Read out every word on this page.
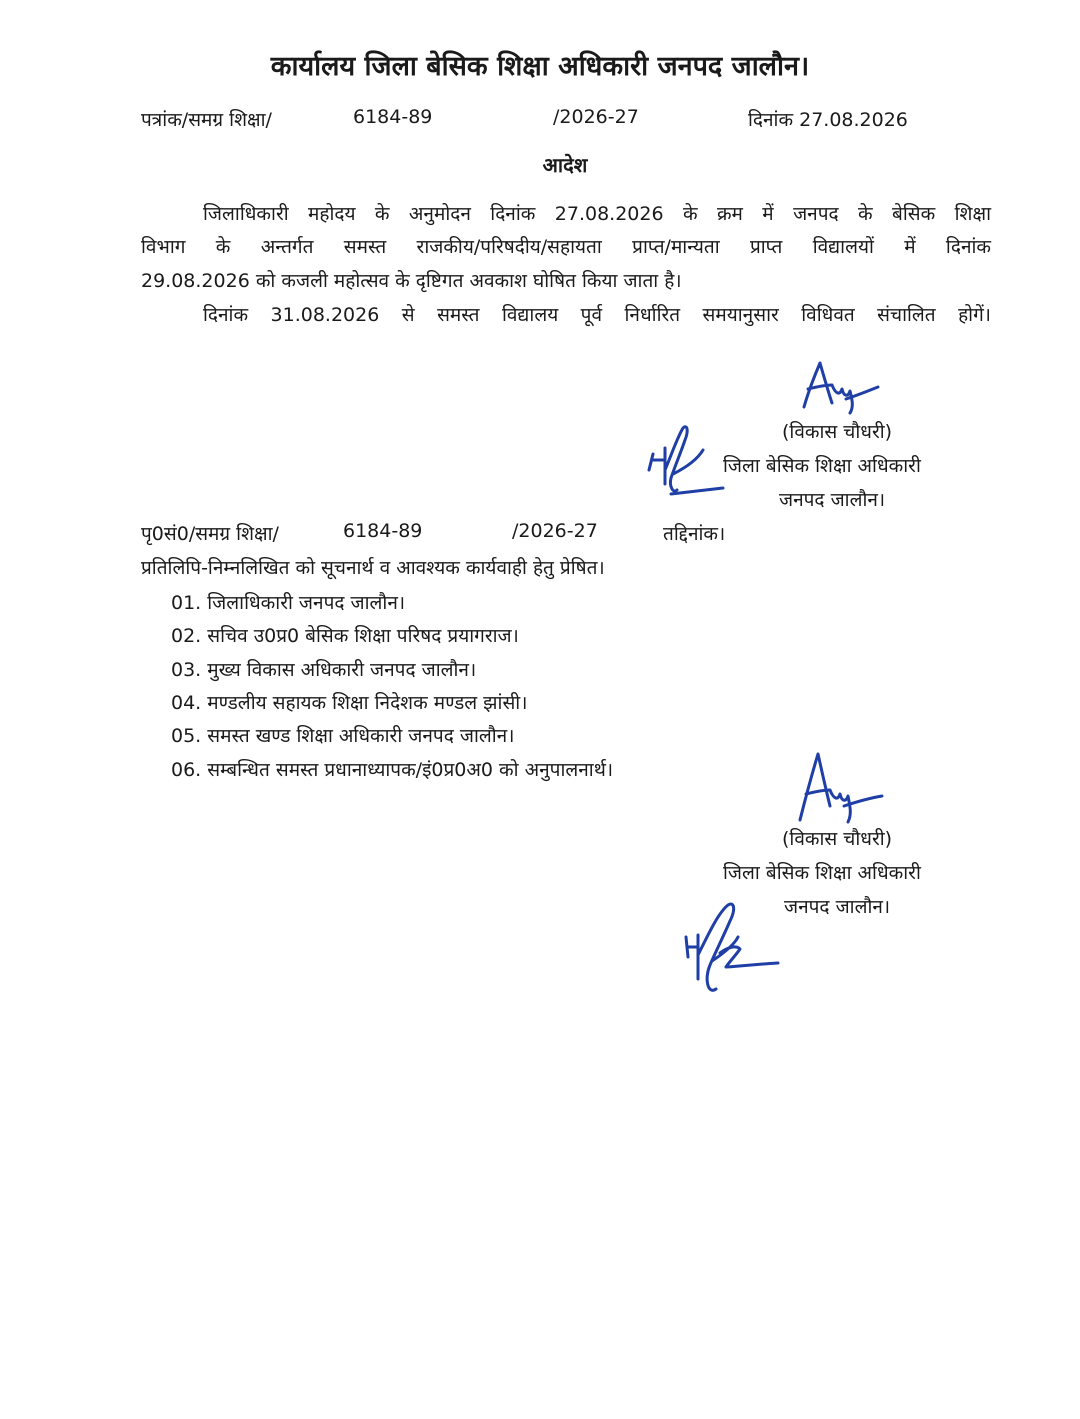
कार्यालय जिला बेसिक शिक्षा अधिकारी जनपद जालौन।
पत्रांक/समग्र शिक्षा/	6184-89	/2026-27	दिनांक 27.08.2026
आदेश
जिलाधिकारी महोदय के अनुमोदन दिनांक 27.08.2026 के क्रम में जनपद के बेसिक शिक्षा
विभाग के अन्तर्गत समस्त राजकीय/परिषदीय/सहायता प्राप्त/मान्यता प्राप्त विद्यालयों में दिनांक
29.08.2026 को कजली महोत्सव के दृष्टिगत अवकाश घोषित किया जाता है।
दिनांक 31.08.2026 से समस्त विद्यालय पूर्व निर्धारित समयानुसार विधिवत संचालित होगें।
(विकास चौधरी)
जिला बेसिक शिक्षा अधिकारी
जनपद जालौन।
पृ0सं0/समग्र शिक्षा/	6184-89	/2026-27	तद्दिनांक।
प्रतिलिपि-निम्नलिखित को सूचनार्थ व आवश्यक कार्यवाही हेतु प्रेषित।
01. जिलाधिकारी जनपद जालौन।
02. सचिव उ0प्र0 बेसिक शिक्षा परिषद प्रयागराज।
03. मुख्य विकास अधिकारी जनपद जालौन।
04. मण्डलीय सहायक शिक्षा निदेशक मण्डल झांसी।
05. समस्त खण्ड शिक्षा अधिकारी जनपद जालौन।
06. सम्बन्धित समस्त प्रधानाध्यापक/इं0प्र0अ0 को अनुपालनार्थ।
(विकास चौधरी)
जिला बेसिक शिक्षा अधिकारी
जनपद जालौन।
